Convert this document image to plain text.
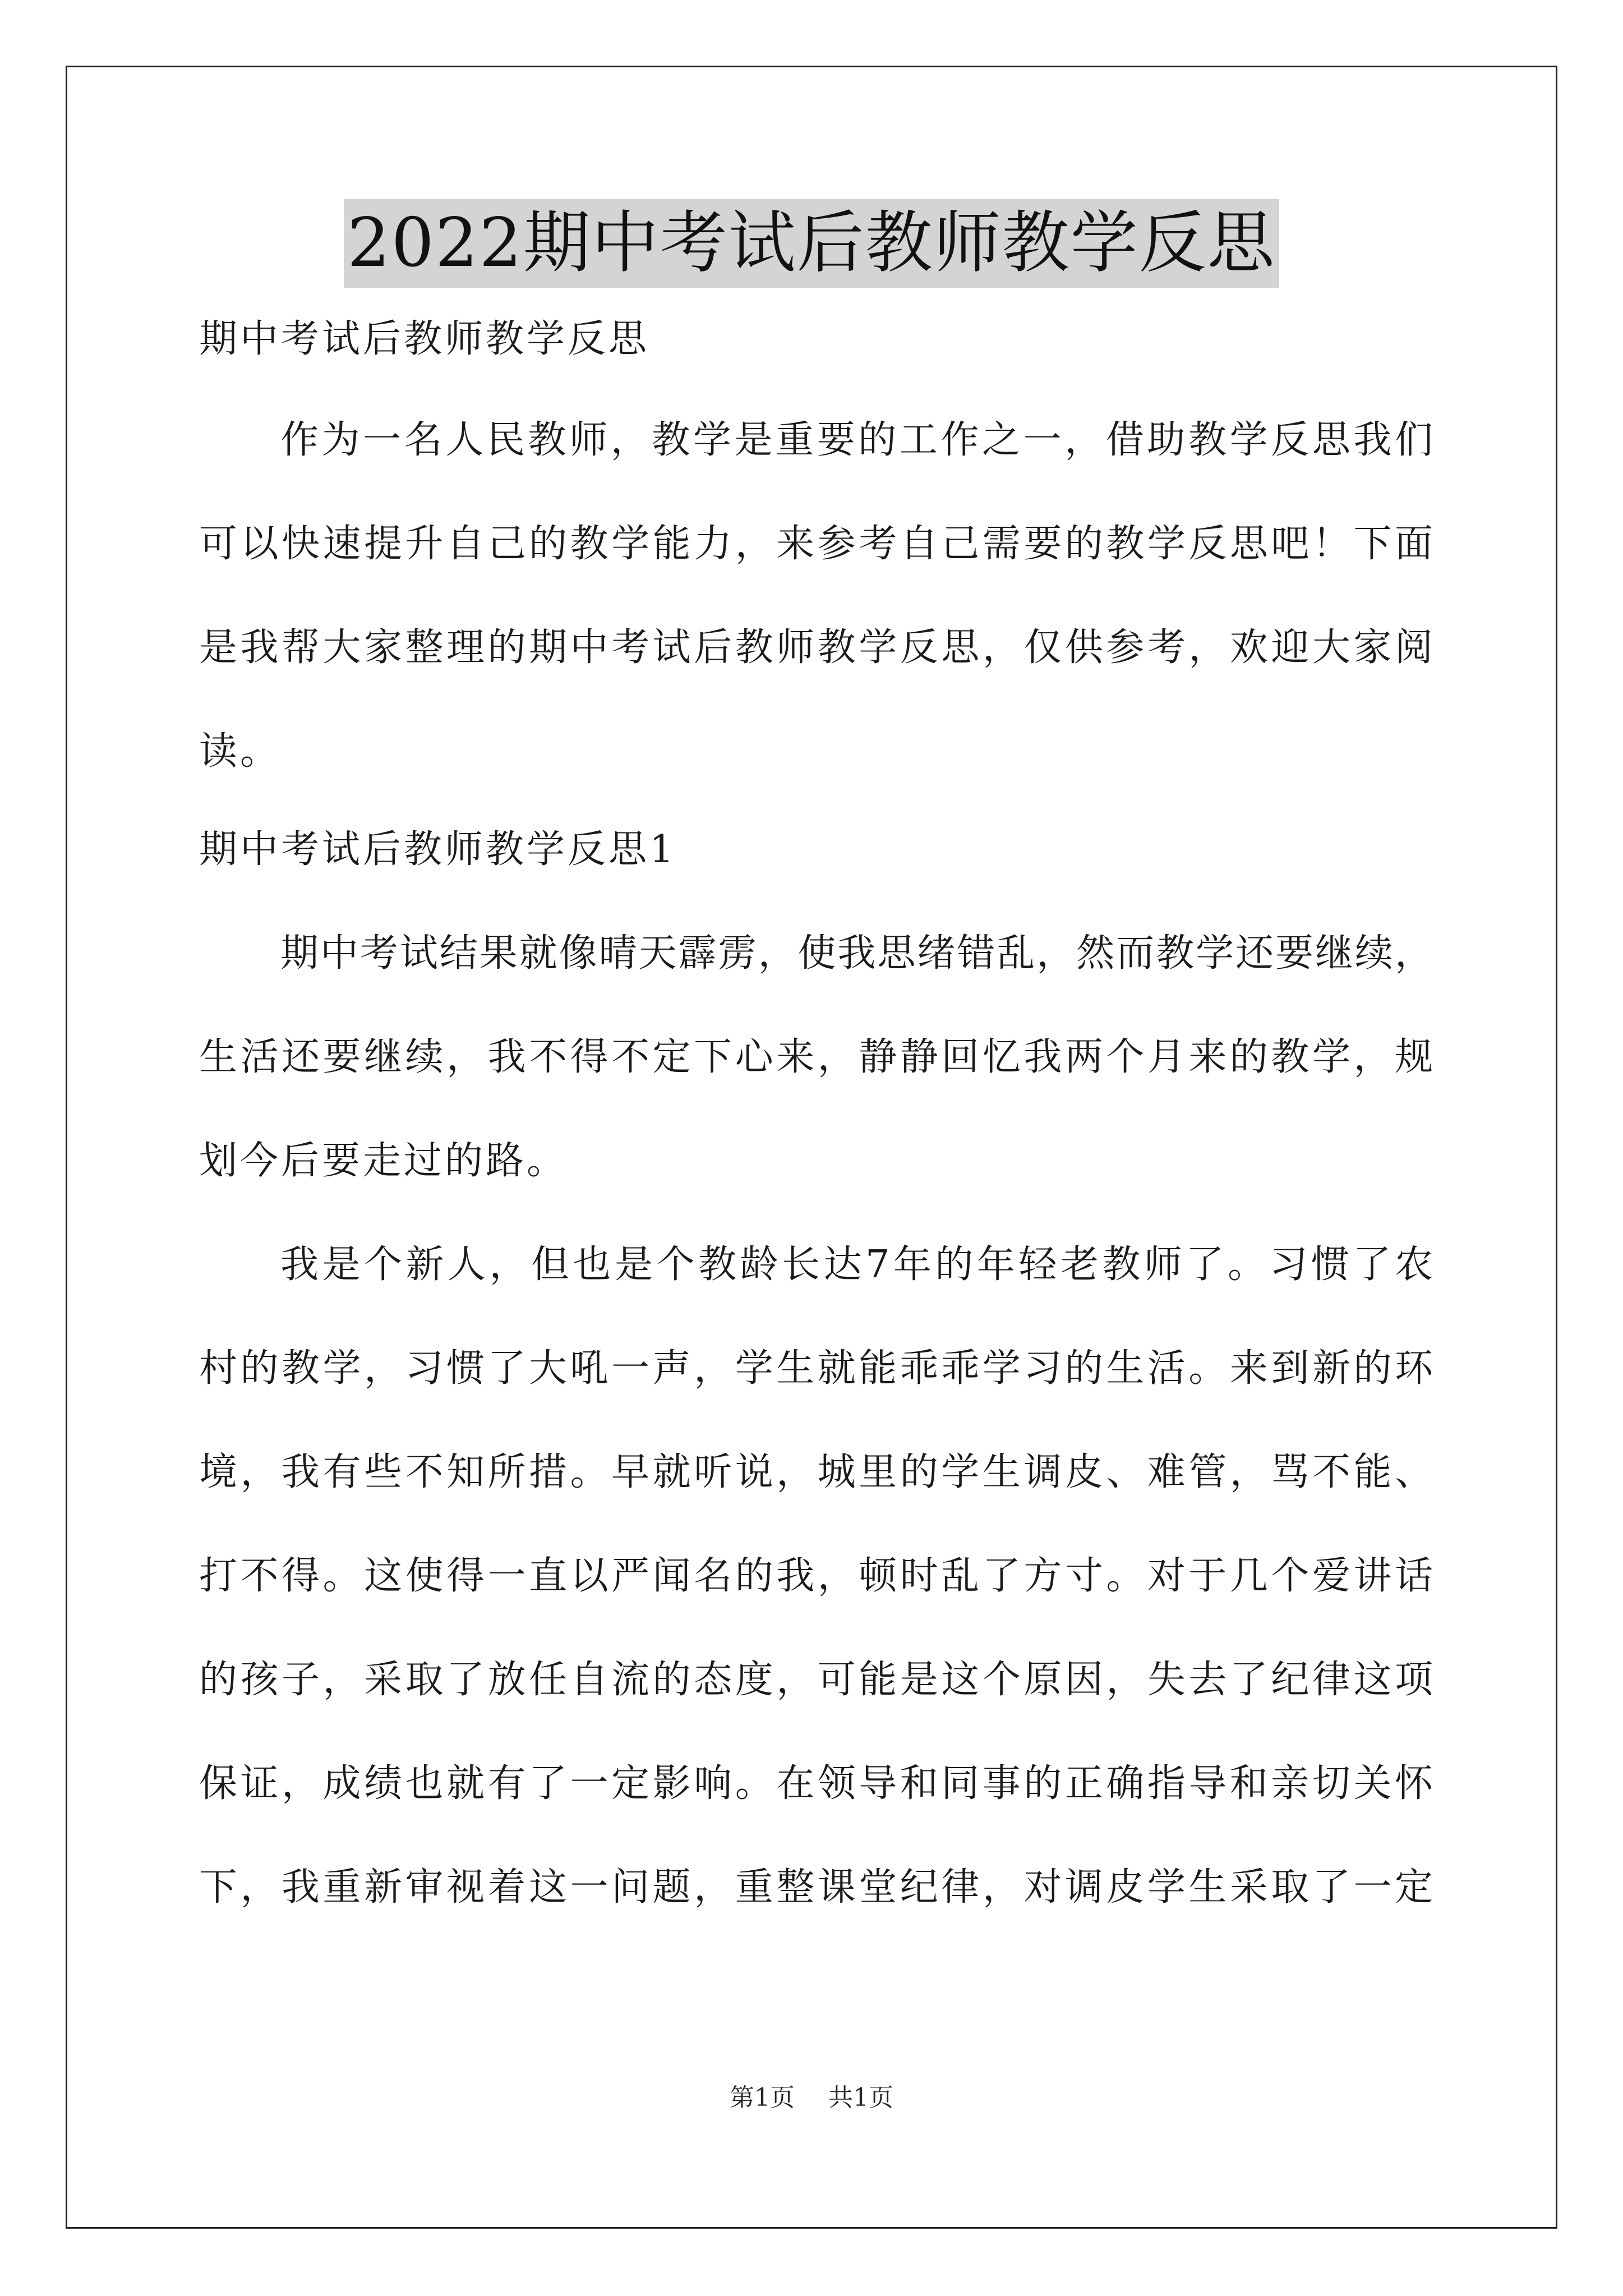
2022期中考试后教师教学反思
期中考试后教师教学反思
作为一名人民教师，教学是重要的工作之一，借助教学反思我们
可以快速提升自己的教学能力，来参考自己需要的教学反思吧！下面
是我帮大家整理的期中考试后教师教学反思，仅供参考，欢迎大家阅
读。
期中考试后教师教学反思1
期中考试结果就像晴天霹雳，使我思绪错乱，然而教学还要继续，
生活还要继续，我不得不定下心来，静静回忆我两个月来的教学，规
划今后要走过的路。
我是个新人，但也是个教龄长达7年的年轻老教师了。习惯了农
村的教学，习惯了大吼一声，学生就能乖乖学习的生活。来到新的环
境，我有些不知所措。早就听说，城里的学生调皮、难管，骂不能、
打不得。这使得一直以严闻名的我，顿时乱了方寸。对于几个爱讲话
的孩子，采取了放任自流的态度，可能是这个原因，失去了纪律这项
保证，成绩也就有了一定影响。在领导和同事的正确指导和亲切关怀
下，我重新审视着这一问题，重整课堂纪律，对调皮学生采取了一定
第1页 共1页
